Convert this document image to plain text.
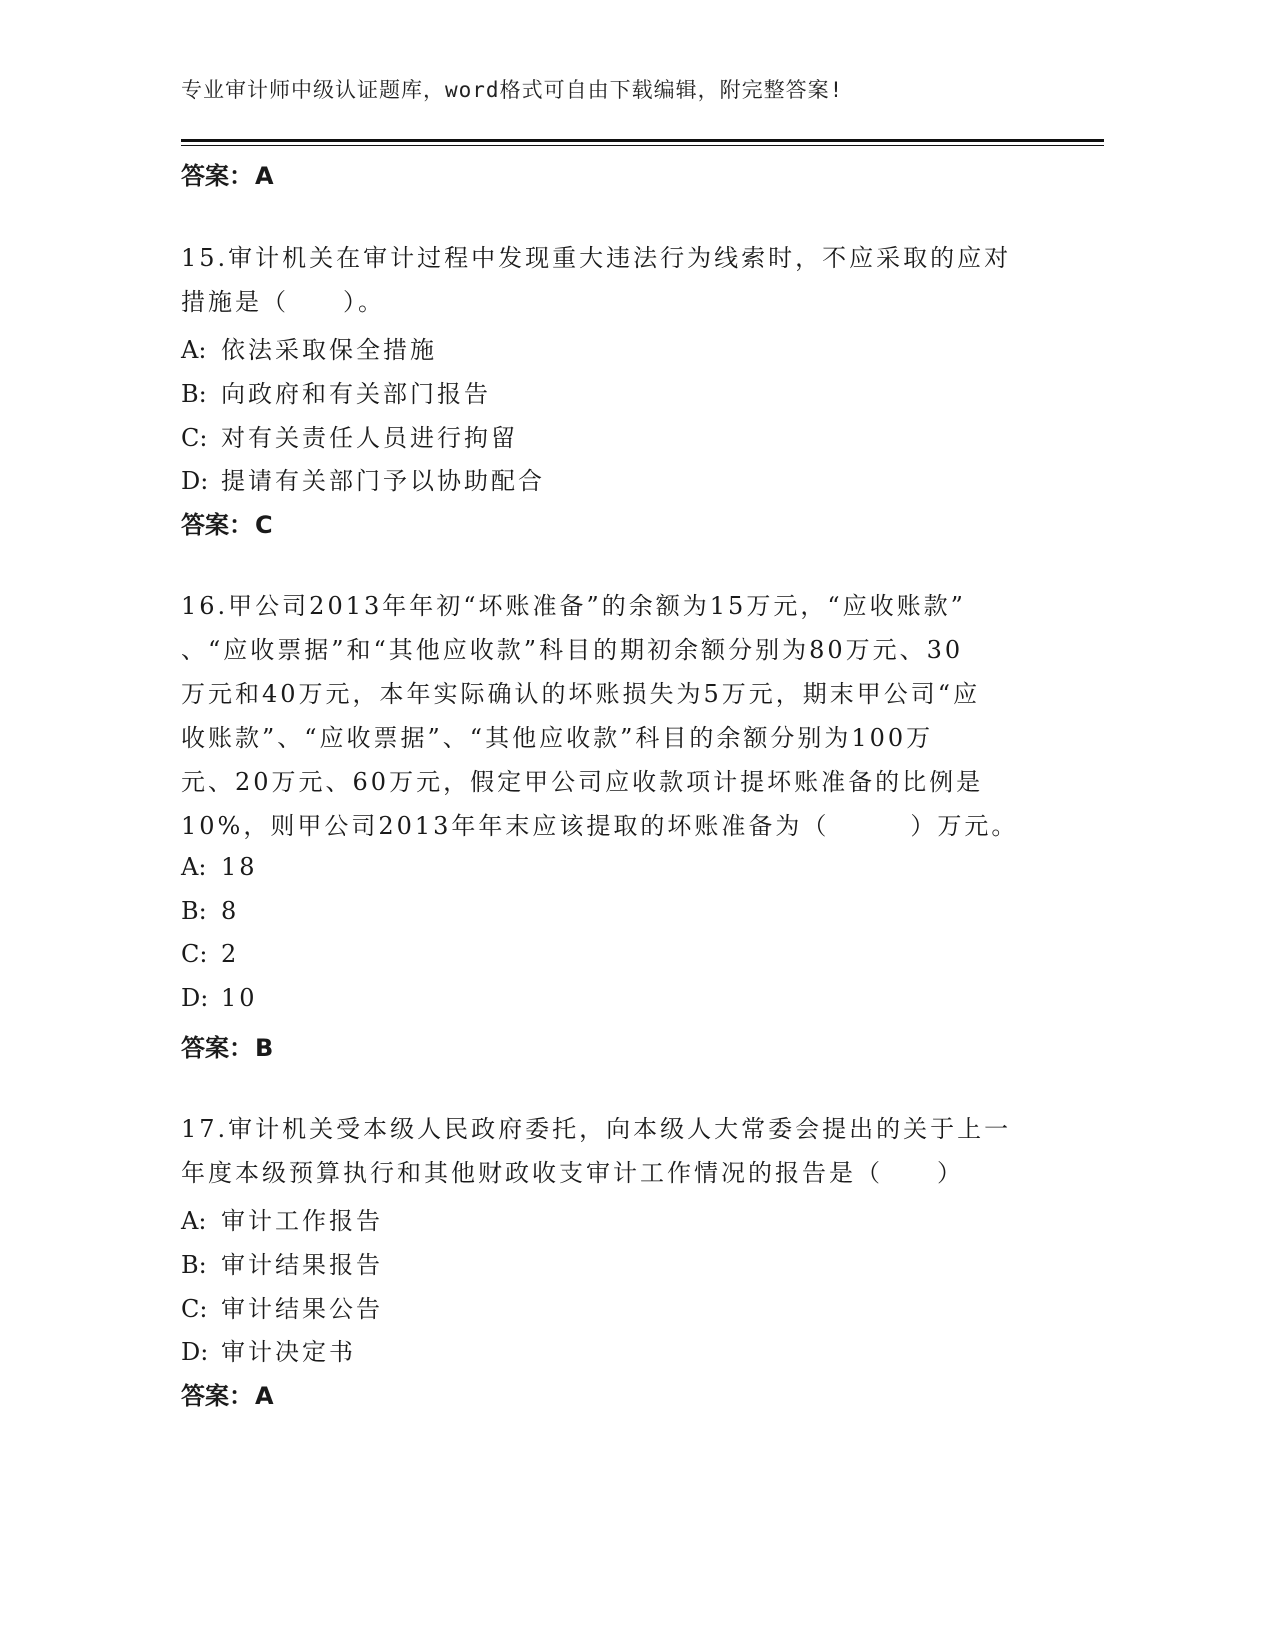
专业审计师中级认证题库，word格式可自由下载编辑，附完整答案!
答案：A
15.审计机关在审计过程中发现重大违法行为线索时，不应采取的应对
措施是（　　）。
A: 依法采取保全措施
B: 向政府和有关部门报告
C: 对有关责任人员进行拘留
D: 提请有关部门予以协助配合
答案：C
16.甲公司2013年年初“坏账准备”的余额为15万元，“应收账款”
、“应收票据”和“其他应收款”科目的期初余额分别为80万元、30
万元和40万元，本年实际确认的坏账损失为5万元，期末甲公司“应
收账款”、“应收票据”、“其他应收款”科目的余额分别为100万
元、20万元、60万元，假定甲公司应收款项计提坏账准备的比例是
10%，则甲公司2013年年末应该提取的坏账准备为（　　　）万元。
A: 18
B: 8
C: 2
D: 10
答案：B
17.审计机关受本级人民政府委托，向本级人大常委会提出的关于上一
年度本级预算执行和其他财政收支审计工作情况的报告是（　　）
A: 审计工作报告
B: 审计结果报告
C: 审计结果公告
D: 审计决定书
答案：A
